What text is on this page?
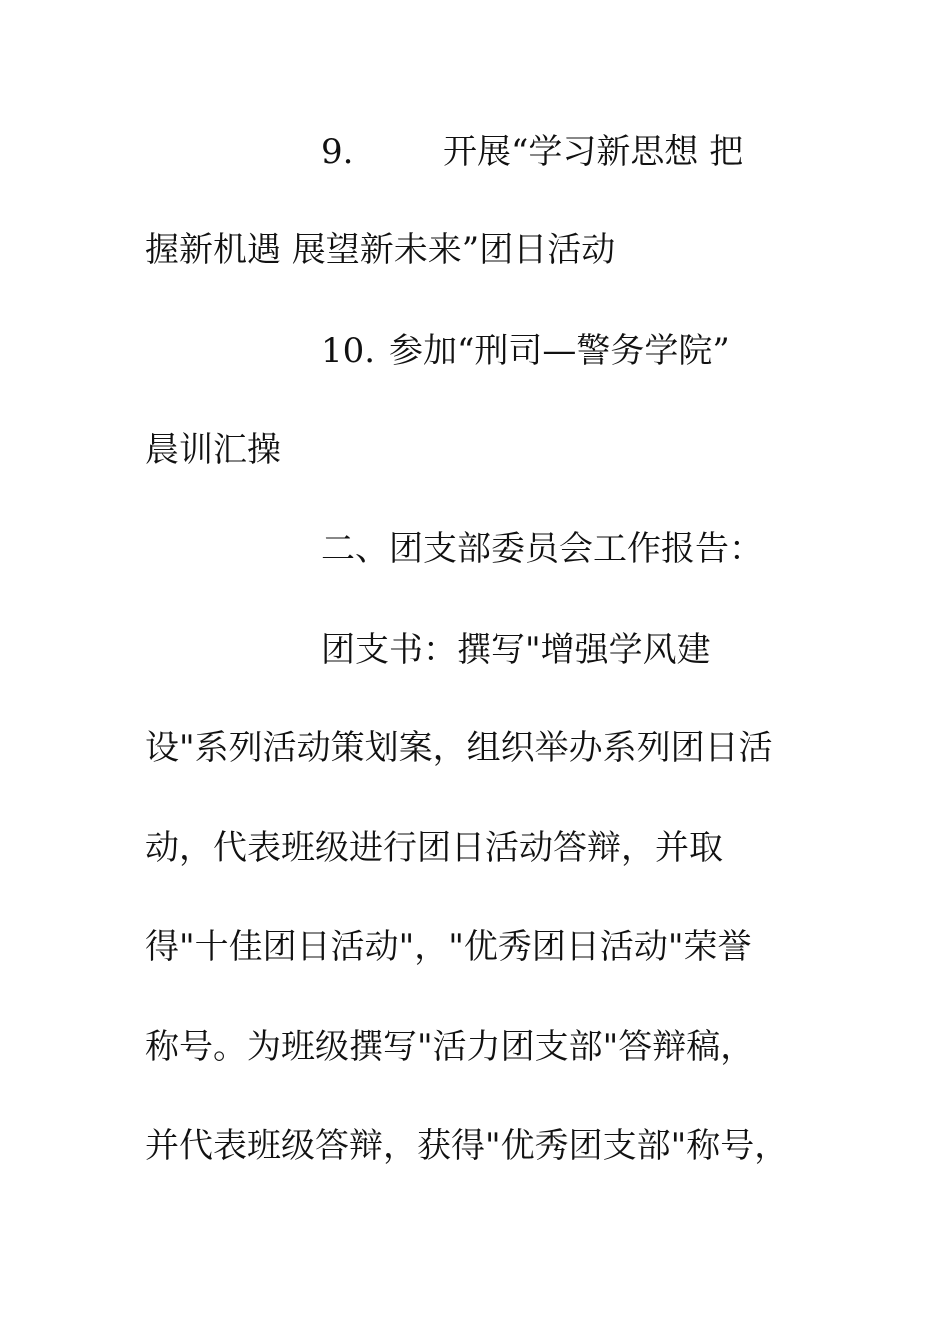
9.	开展“学习新思想 把
握新机遇 展望新未来”团日活动
10. 参加“刑司—警务学院”
晨训汇操
二、团支部委员会工作报告：
团支书：撰写"增强学风建
设"系列活动策划案，组织举办系列团日活
动，代表班级进行团日活动答辩，并取
得"十佳团日活动"，"优秀团日活动"荣誉
称号。为班级撰写"活力团支部"答辩稿，
并代表班级答辩，获得"优秀团支部"称号，
